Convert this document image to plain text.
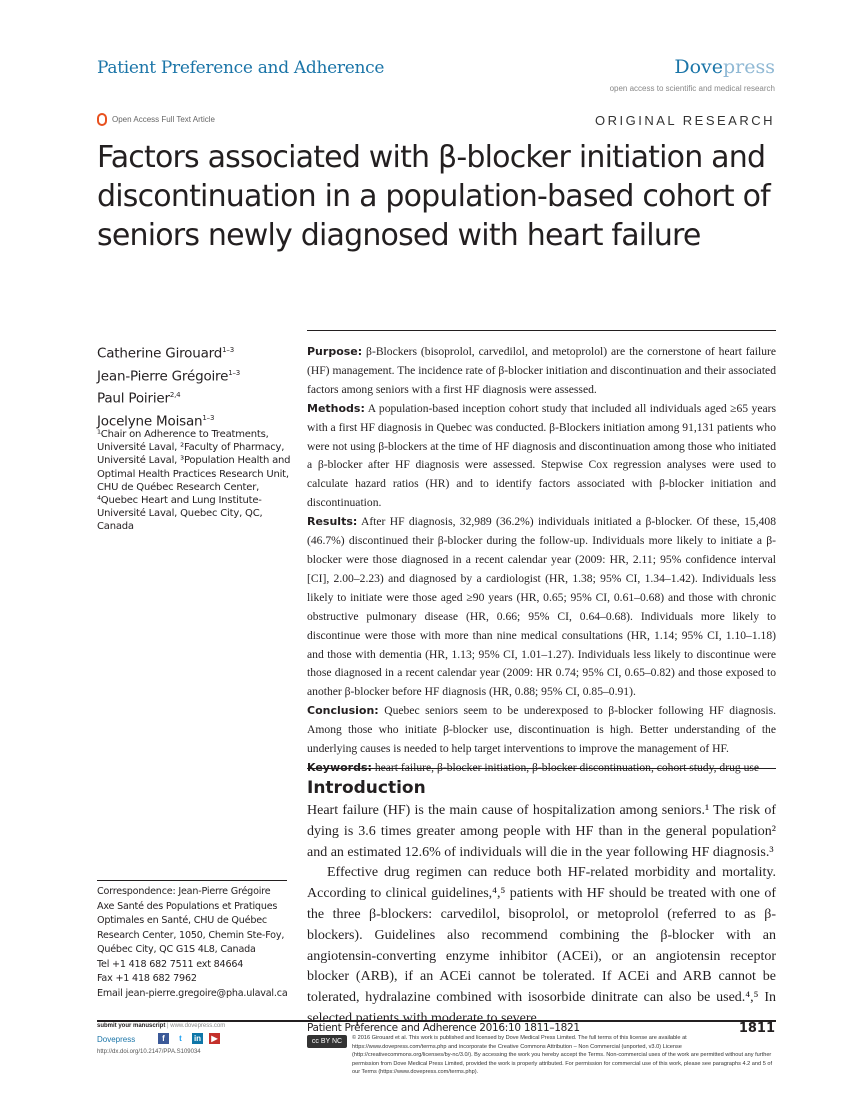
Patient Preference and Adherence	Dovepress
open access to scientific and medical research
Open Access Full Text Article	ORIGINAL RESEARCH
Factors associated with β-blocker initiation and discontinuation in a population-based cohort of seniors newly diagnosed with heart failure
Catherine Girouard$^{1-3}$
Jean-Pierre Grégoire$^{1-3}$
Paul Poirier$^{2,4}$
Jocelyne Moisan$^{1-3}$
¹Chair on Adherence to Treatments, Université Laval, ²Faculty of Pharmacy, Université Laval, ³Population Health and Optimal Health Practices Research Unit, CHU de Québec Research Center, ⁴Quebec Heart and Lung Institute-Université Laval, Quebec City, QC, Canada

Purpose: β-Blockers (bisoprolol, carvedilol, and metoprolol) are the cornerstone of heart failure (HF) management. The incidence rate of β-blocker initiation and discontinuation and their associated factors among seniors with a first HF diagnosis were assessed.

Methods: A population-based inception cohort study that included all individuals aged ≥65 years with a first HF diagnosis in Quebec was conducted. β-Blockers initiation among 91,131 patients who were not using β-blockers at the time of HF diagnosis and discontinuation among those who initiated a β-blocker after HF diagnosis were assessed. Stepwise Cox regression analyses were used to calculate hazard ratios (HR) and to identify factors associated with β-blocker initiation and discontinuation.

Results: After HF diagnosis, 32,989 (36.2%) individuals initiated a β-blocker. Of these, 15,408 (46.7%) discontinued their β-blocker during the follow-up. Individuals more likely to initiate a β-blocker were those diagnosed in a recent calendar year (2009: HR, 2.11; 95% confidence interval [CI], 2.00–2.23) and diagnosed by a cardiologist (HR, 1.38; 95% CI, 1.34–1.42). Individuals less likely to initiate were those aged ≥90 years (HR, 0.65; 95% CI, 0.61–0.68) and those with chronic obstructive pulmonary disease (HR, 0.66; 95% CI, 0.64–0.68). Individuals more likely to discontinue were those with more than nine medical consultations (HR, 1.14; 95% CI, 1.10–1.18) and those with dementia (HR, 1.13; 95% CI, 1.01–1.27). Individuals less likely to discontinue were those diagnosed in a recent calendar year (2009: HR 0.74; 95% CI, 0.65–0.82) and those exposed to another β-blocker before HF diagnosis (HR, 0.88; 95% CI, 0.85–0.91).

Conclusion: Quebec seniors seem to be underexposed to β-blocker following HF diagnosis. Among those who initiate β-blocker use, discontinuation is high. Better understanding of the underlying causes is needed to help target interventions to improve the management of HF.

Keywords: heart failure, β-blocker initiation, β-blocker discontinuation, cohort study, drug use

Introduction

Heart failure (HF) is the main cause of hospitalization among seniors.¹ The risk of dying is 3.6 times greater among people with HF than in the general population² and an estimated 12.6% of individuals will die in the year following HF diagnosis.³

Effective drug regimen can reduce both HF-related morbidity and mortality. According to clinical guidelines,⁴,⁵ patients with HF should be treated with one of the three β-blockers: carvedilol, bisoprolol, or metoprolol (referred to as β-blockers). Guidelines also recommend combining the β-blocker with an angiotensin-converting enzyme inhibitor (ACEi), or an angiotensin receptor blocker (ARB), if an ACEi cannot be tolerated. If ACEi and ARB cannot be tolerated, hydralazine combined with isosorbide dinitrate can also be used.⁴,⁵ In selected patients with moderate to severe

Correspondence: Jean-Pierre Grégoire
Axe Santé des Populations et Pratiques Optimales en Santé, CHU de Québec Research Center, 1050, Chemin Ste-Foy, Québec City, QC G1S 4L8, Canada
Tel +1 418 682 7511 ext 84664
Fax +1 418 682 7962
Email jean-pierre.gregoire@pha.ulaval.ca
submit your manuscript | www.dovepress.com
Dovepress	f	t	in	▶
http://dx.doi.org/10.2147/PPA.S109034
Patient Preference and Adherence 2016:10 1811–1821	1811
cc BY NC	© 2016 Girouard et al. This work is published and licensed by Dove Medical Press Limited. The full terms of this license are available at https://www.dovepress.com/terms.php and incorporate the Creative Commons Attribution – Non Commercial (unported, v3.0) License (http://creativecommons.org/licenses/by-nc/3.0/). By accessing the work you hereby accept the Terms. Non-commercial uses of the work are permitted without any further permission from Dove Medical Press Limited, provided the work is properly attributed. For permission for commercial use of this work, please see paragraphs 4.2 and 5 of our Terms (https://www.dovepress.com/terms.php).
